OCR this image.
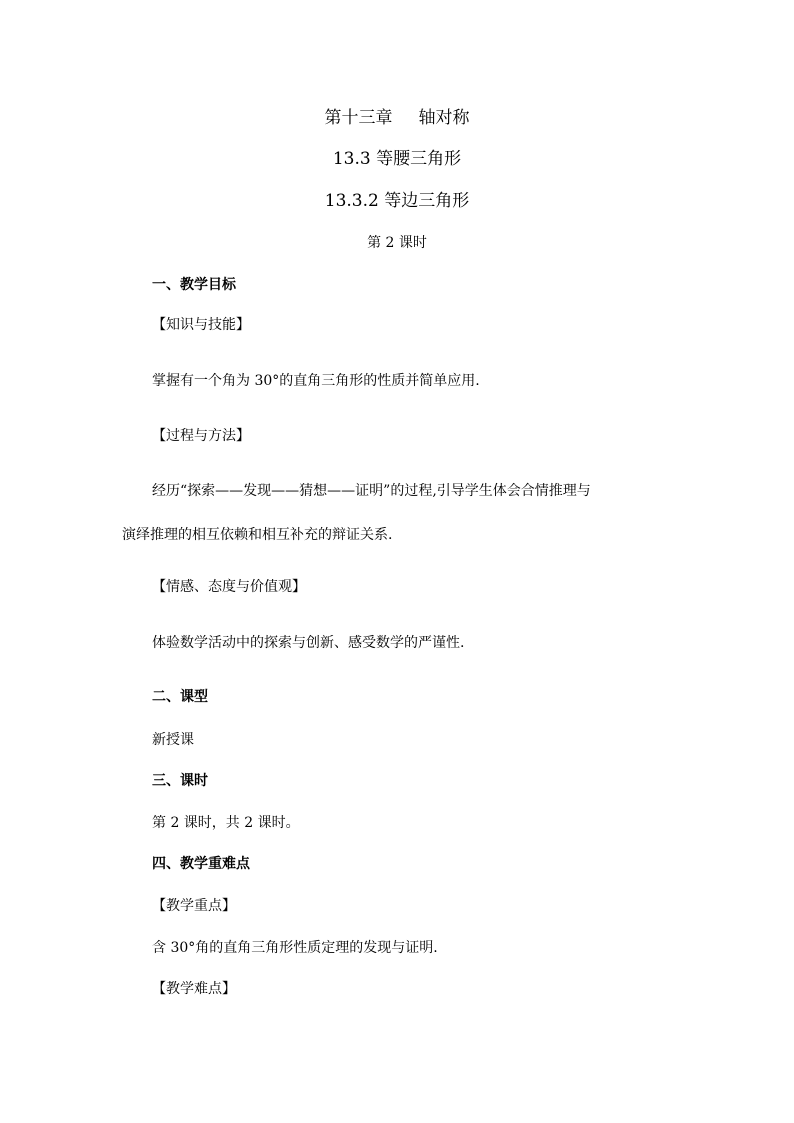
第十三章 轴对称
13.3 等腰三角形
13.3.2 等边三角形
第 2 课时
一、教学目标
【知识与技能】
掌握有一个角为 30°的直角三角形的性质并简单应用.
【过程与方法】
经历“探索——发现——猜想——证明”的过程,引导学生体会合情推理与
演绎推理的相互依赖和相互补充的辩证关系.
【情感、态度与价值观】
体验数学活动中的探索与创新、感受数学的严谨性.
二、课型
新授课
三、课时
第 2 课时，共 2 课时。
四、教学重难点
【教学重点】
含 30°角的直角三角形性质定理的发现与证明.
【教学难点】
